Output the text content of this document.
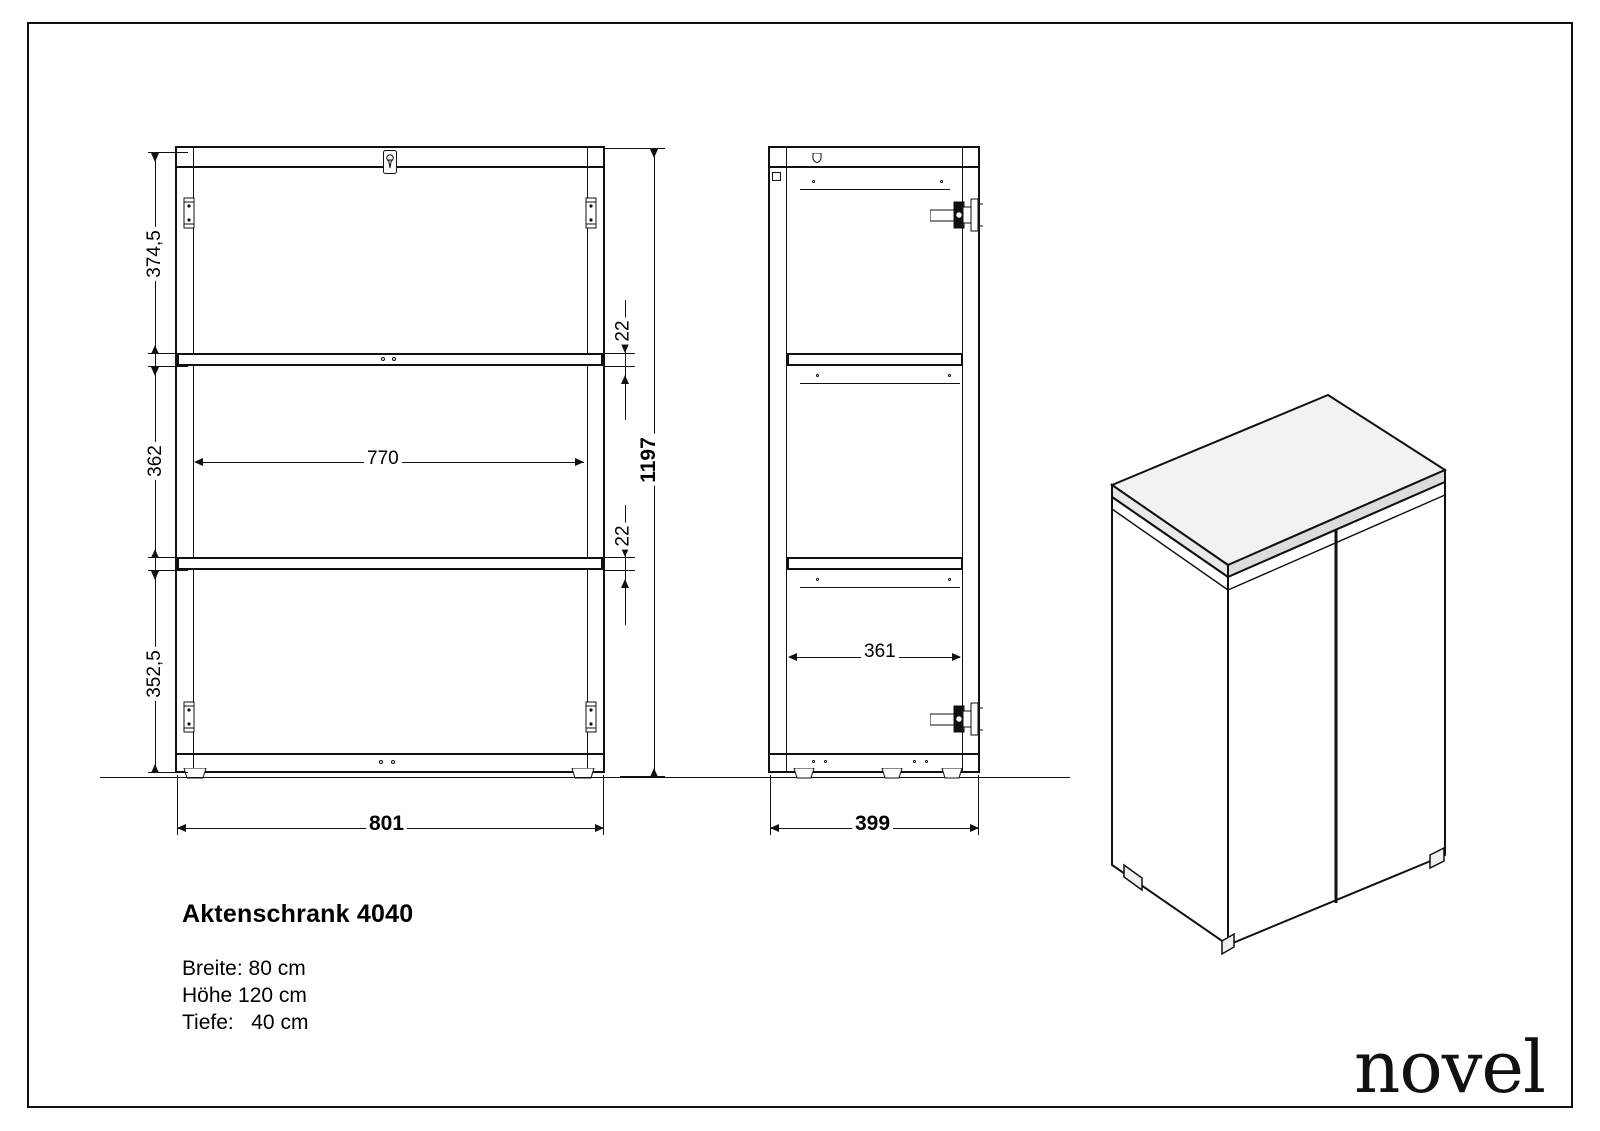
374,5
362
352,5
22
22
770	1197
801
361
399
Aktenschrank 4040
Breite: 80 cm
Höhe 120 cm
Tiefe:   40 cm
novel
